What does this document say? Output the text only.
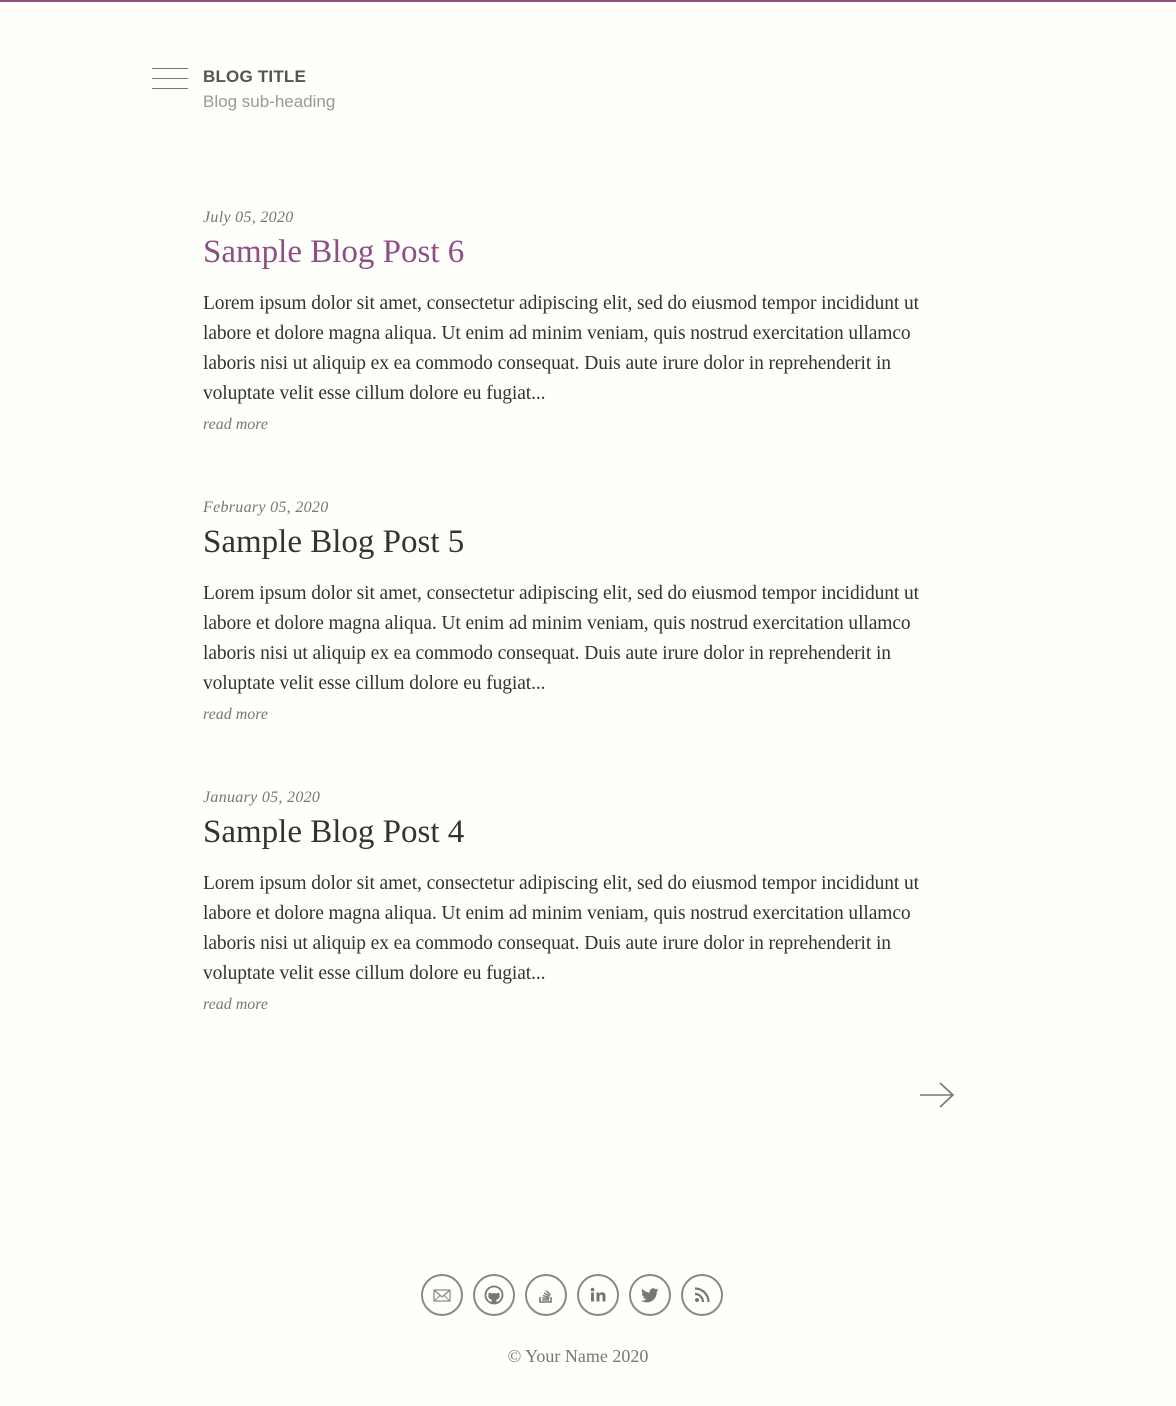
BLOG TITLE
Blog sub-heading
July 05, 2020
Sample Blog Post 6
Lorem ipsum dolor sit amet, consectetur adipiscing elit, sed do eiusmod tempor incididunt ut labore et dolore magna aliqua. Ut enim ad minim veniam, quis nostrud exercitation ullamco laboris nisi ut aliquip ex ea commodo consequat. Duis aute irure dolor in reprehenderit in voluptate velit esse cillum dolore eu fugiat...
read more
February 05, 2020
Sample Blog Post 5
Lorem ipsum dolor sit amet, consectetur adipiscing elit, sed do eiusmod tempor incididunt ut labore et dolore magna aliqua. Ut enim ad minim veniam, quis nostrud exercitation ullamco laboris nisi ut aliquip ex ea commodo consequat. Duis aute irure dolor in reprehenderit in voluptate velit esse cillum dolore eu fugiat...
read more
January 05, 2020
Sample Blog Post 4
Lorem ipsum dolor sit amet, consectetur adipiscing elit, sed do eiusmod tempor incididunt ut labore et dolore magna aliqua. Ut enim ad minim veniam, quis nostrud exercitation ullamco laboris nisi ut aliquip ex ea commodo consequat. Duis aute irure dolor in reprehenderit in voluptate velit esse cillum dolore eu fugiat...
read more
© Your Name 2020
